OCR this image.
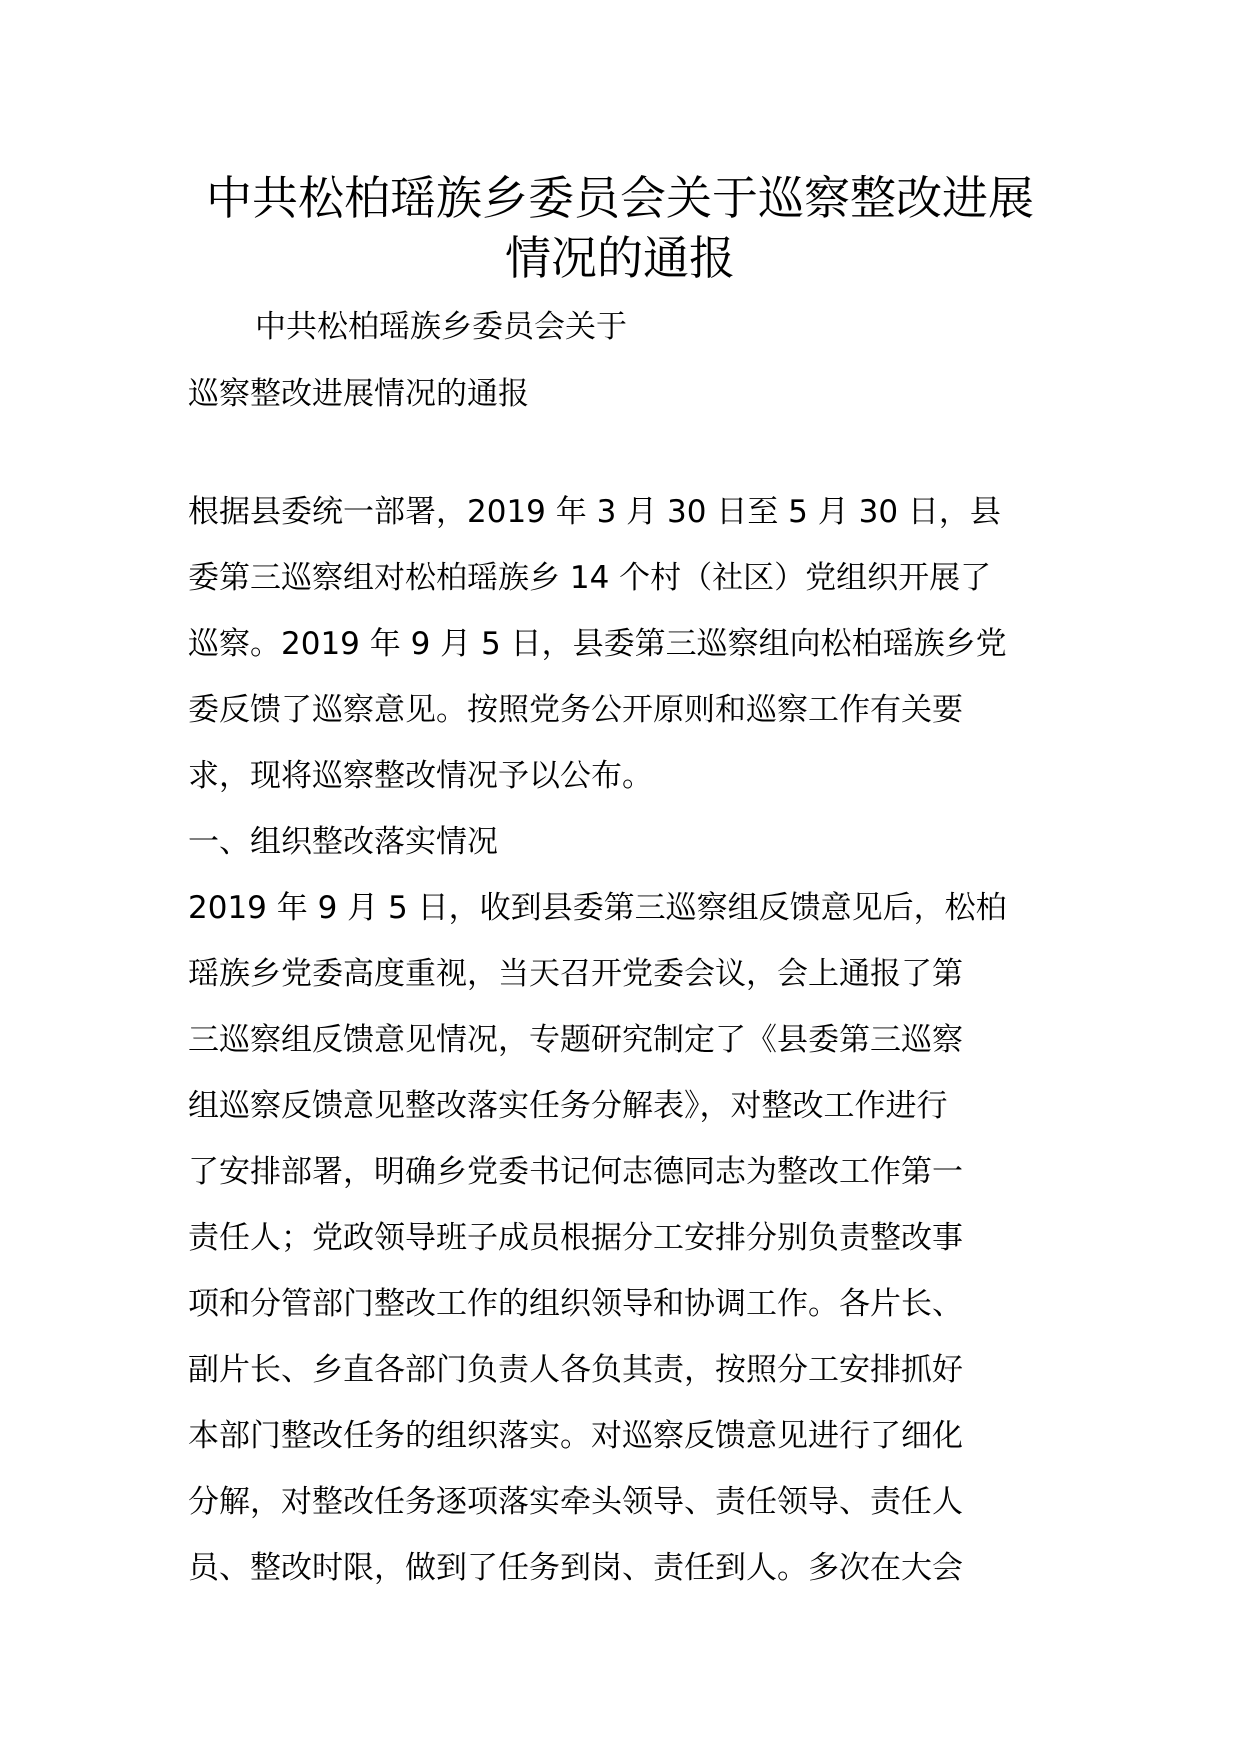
中共松柏瑶族乡委员会关于巡察整改进展
情况的通报

中共松柏瑶族乡委员会关于

巡察整改进展情况的通报

根据县委统一部署，2019 年 3 月 30 日至 5 月 30 日，县

委第三巡察组对松柏瑶族乡 14 个村（社区）党组织开展了

巡察。2019 年 9 月 5 日，县委第三巡察组向松柏瑶族乡党

委反馈了巡察意见。按照党务公开原则和巡察工作有关要

求，现将巡察整改情况予以公布。

一、组织整改落实情况

2019 年 9 月 5 日，收到县委第三巡察组反馈意见后，松柏

瑶族乡党委高度重视，当天召开党委会议，会上通报了第

三巡察组反馈意见情况，专题研究制定了《县委第三巡察

组巡察反馈意见整改落实任务分解表》，对整改工作进行

了安排部署，明确乡党委书记何志德同志为整改工作第一

责任人；党政领导班子成员根据分工安排分别负责整改事

项和分管部门整改工作的组织领导和协调工作。各片长、

副片长、乡直各部门负责人各负其责，按照分工安排抓好

本部门整改任务的组织落实。对巡察反馈意见进行了细化

分解，对整改任务逐项落实牵头领导、责任领导、责任人

员、整改时限，做到了任务到岗、责任到人。多次在大会
